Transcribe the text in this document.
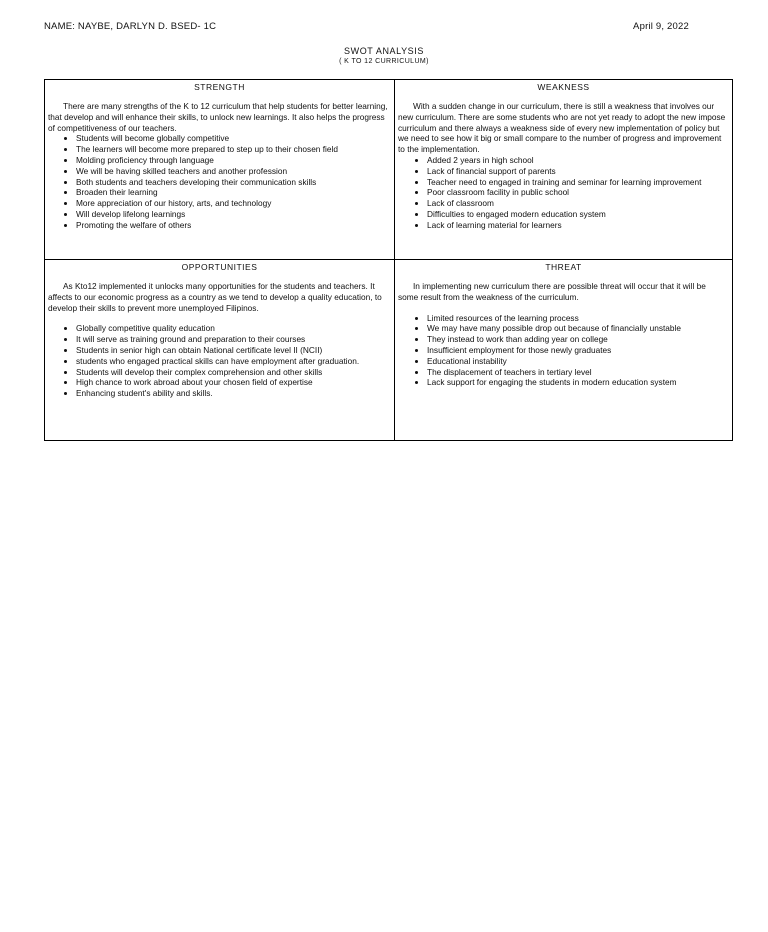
NAME: NAYBE, DARLYN D. BSED- 1C	April 9, 2022
SWOT ANALYSIS
( K TO 12 CURRICULUM)
STRENGTH

There are many strengths of the K to 12 curriculum that help students for better learning, that develop and will enhance their skills, to unlock new learnings. It also helps the progress of competitiveness of our teachers.

• Students will become globally competitive
• The learners will become more prepared to step up to their chosen field
• Molding proficiency through language
• We will be having skilled teachers and another profession
• Both students and teachers developing their communication skills
• Broaden their learning
• More appreciation of our history, arts, and technology
• Will develop lifelong learnings
• Promoting the welfare of others
WEAKNESS

With a sudden change in our curriculum, there is still a weakness that involves our new curriculum. There are some students who are not yet ready to adopt the new impose curriculum and there always a weakness side of every new implementation of policy but we need to see how it big or small compare to the number of progress and improvement to the implementation.

• Added 2 years in high school
• Lack of financial support of parents
• Teacher need to engaged in training and seminar for learning improvement
• Poor classroom facility in public school
• Lack of classroom
• Difficulties to engaged modern education system
• Lack of learning material for learners
OPPORTUNITIES

As Kto12 implemented it unlocks many opportunities for the students and teachers. It affects to our economic progress as a country as we tend to develop a quality education, to develop their skills to prevent more unemployed Filipinos.

• Globally competitive quality education
• It will serve as training ground and preparation to their courses
• Students in senior high can obtain National certificate level II (NCII)
• students who engaged practical skills can have employment after graduation.
• Students will develop their complex comprehension and other skills
• High chance to work abroad about your chosen field of expertise
• Enhancing student's ability and skills.
THREAT

In implementing new curriculum there are possible threat will occur that it will be some result from the weakness of the curriculum.

• Limited resources of the learning process
• We may have many possible drop out because of financially unstable
• They instead to work than adding year on college
• Insufficient employment for those newly graduates
• Educational instability
• The displacement of teachers in tertiary level
• Lack support for engaging the students in modern education system
